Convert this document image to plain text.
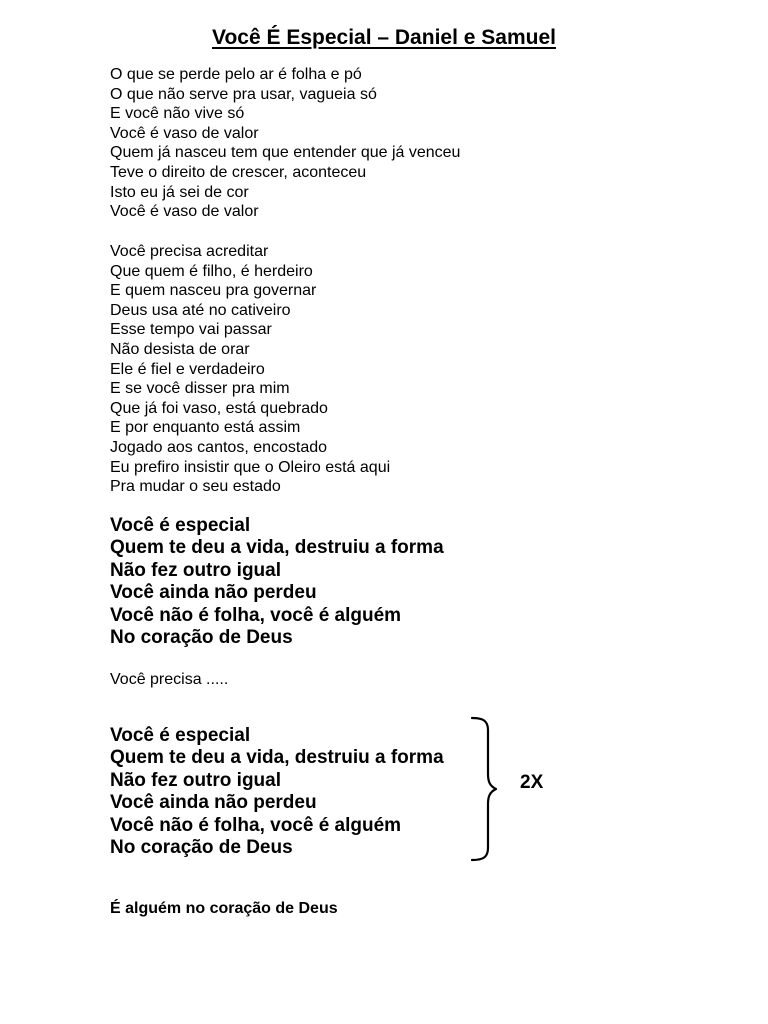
Você É Especial – Daniel e Samuel
O que se perde pelo ar é folha e pó
O que não serve pra usar, vagueia só
E você não vive só
Você é vaso de valor
Quem já nasceu tem que entender que já venceu
Teve o direito de crescer, aconteceu
Isto eu já sei de cor
Você é vaso de valor
Você precisa acreditar
Que quem é filho, é herdeiro
E quem nasceu pra governar
Deus usa até no cativeiro
Esse tempo vai passar
Não desista de orar
Ele é fiel e verdadeiro
E se você disser pra mim
Que já foi vaso, está quebrado
E por enquanto está assim
Jogado aos cantos, encostado
Eu prefiro insistir que o Oleiro está aqui
Pra mudar o seu estado
Você é especial
Quem te deu a vida, destruiu a forma
Não fez outro igual
Você ainda não perdeu
Você não é folha, você é alguém
No coração de Deus
Você precisa .....
Você é especial
Quem te deu a vida, destruiu a forma
Não fez outro igual
Você ainda não perdeu
Você não é folha, você é alguém
No coração de Deus
2X
É alguém no coração de Deus
